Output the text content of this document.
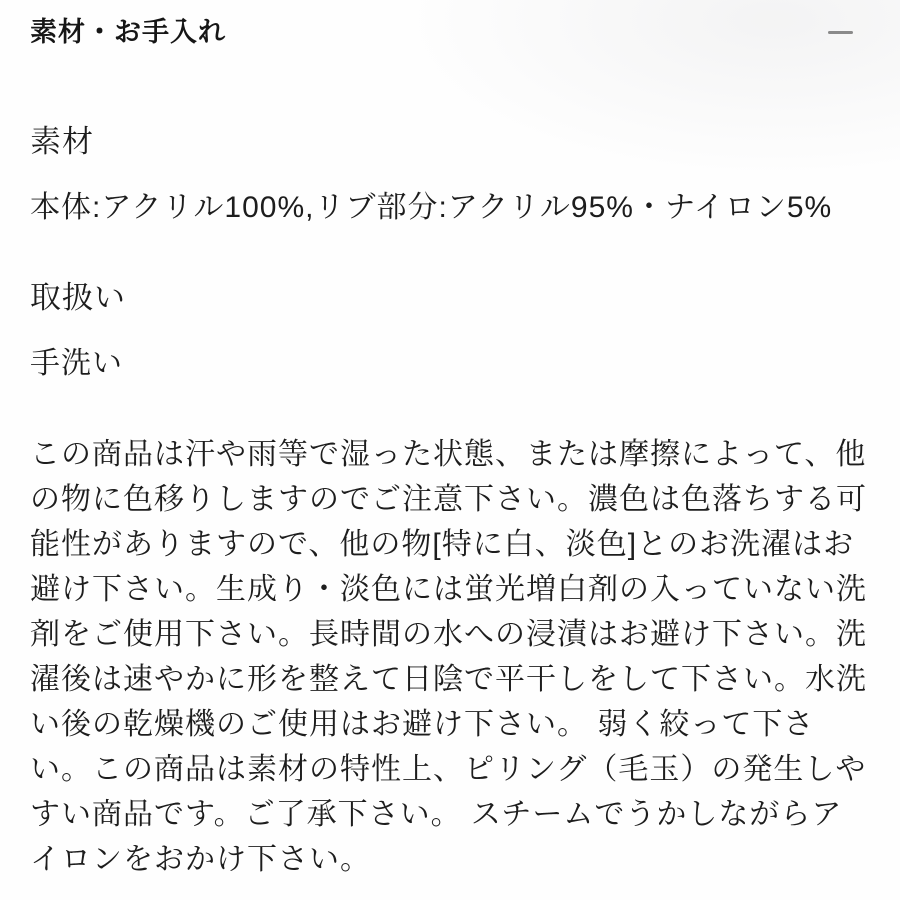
素材・お手入れ
素材

本体:アクリル100%,リブ部分:アクリル95%・ナイロン5%

取扱い

手洗い

この商品は汗や雨等で湿った状態、または摩擦によって、他の物に色移りしますのでご注意下さい。濃色は色落ちする可能性がありますので、他の物[特に白、淡色]とのお洗濯はお避け下さい。生成り・淡色には蛍光増白剤の入っていない洗剤をご使用下さい。長時間の水への浸漬はお避け下さい。洗濯後は速やかに形を整えて日陰で平干しをして下さい。水洗い後の乾燥機のご使用はお避け下さい。 弱く絞って下さい。この商品は素材の特性上、ピリング（毛玉）の発生しやすい商品です。ご了承下さい。 スチームでうかしながらアイロンをおかけ下さい。
